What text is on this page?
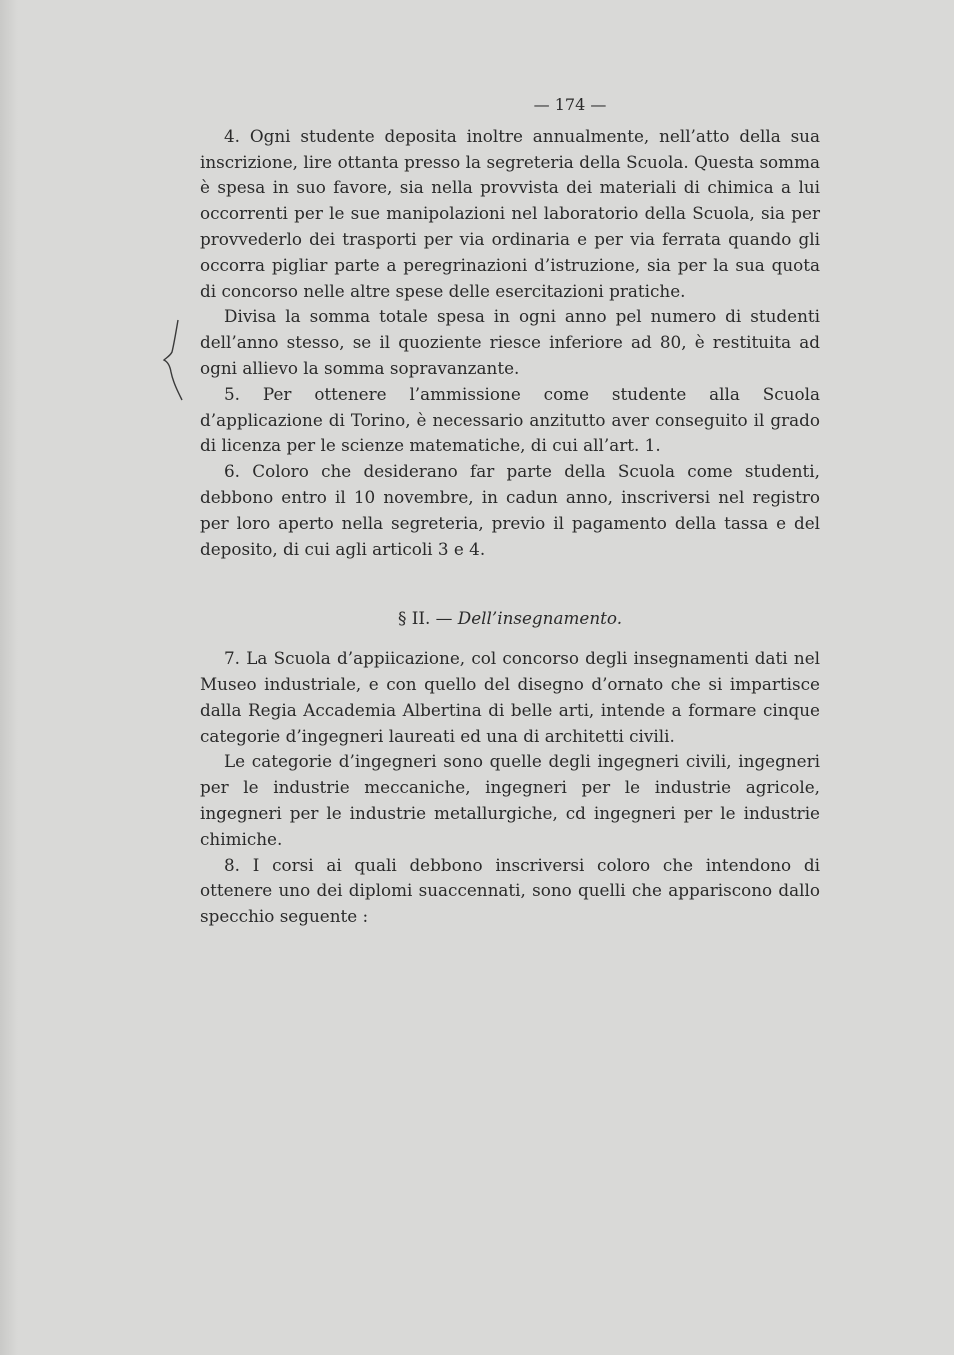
— 174 —

4. Ogni studente deposita inoltre annualmente, nell’atto della sua inscrizione, lire ottanta presso la segreteria della Scuola. Questa somma è spesa in suo favore, sia nella provvista dei materiali di chimica a lui occorrenti per le sue manipolazioni nel laboratorio della Scuola, sia per provvederlo dei trasporti per via ordinaria e per via ferrata quando gli occorra pigliar parte a peregrinazioni d’istruzione, sia per la sua quota di concorso nelle altre spese delle esercitazioni pratiche.

Divisa la somma totale spesa in ogni anno pel numero di studenti dell’anno stesso, se il quoziente riesce inferiore ad 80, è restituita ad ogni allievo la somma sopravanzante.

5. Per ottenere l’ammissione come studente alla Scuola d’applicazione di Torino, è necessario anzitutto aver conseguito il grado di licenza per le scienze matematiche, di cui all’art. 1.

6. Coloro che desiderano far parte della Scuola come studenti, debbono entro il 10 novembre, in cadun anno, inscriversi nel registro per loro aperto nella segreteria, previo il pagamento della tassa e del deposito, di cui agli articoli 3 e 4.

§ II. — Dell’insegnamento.

7. La Scuola d’appiicazione, col concorso degli insegnamenti dati nel Museo industriale, e con quello del disegno d’ornato che si impartisce dalla Regia Accademia Albertina di belle arti, intende a formare cinque categorie d’ingegneri laureati ed una di architetti civili.

Le categorie d’ingegneri sono quelle degli ingegneri civili, ingegneri per le industrie meccaniche, ingegneri per le industrie agricole, ingegneri per le industrie metallurgiche, cd ingegneri per le industrie chimiche.

8. I corsi ai quali debbono inscriversi coloro che intendono di ottenere uno dei diplomi suaccennati, sono quelli che appariscono dallo specchio seguente :
